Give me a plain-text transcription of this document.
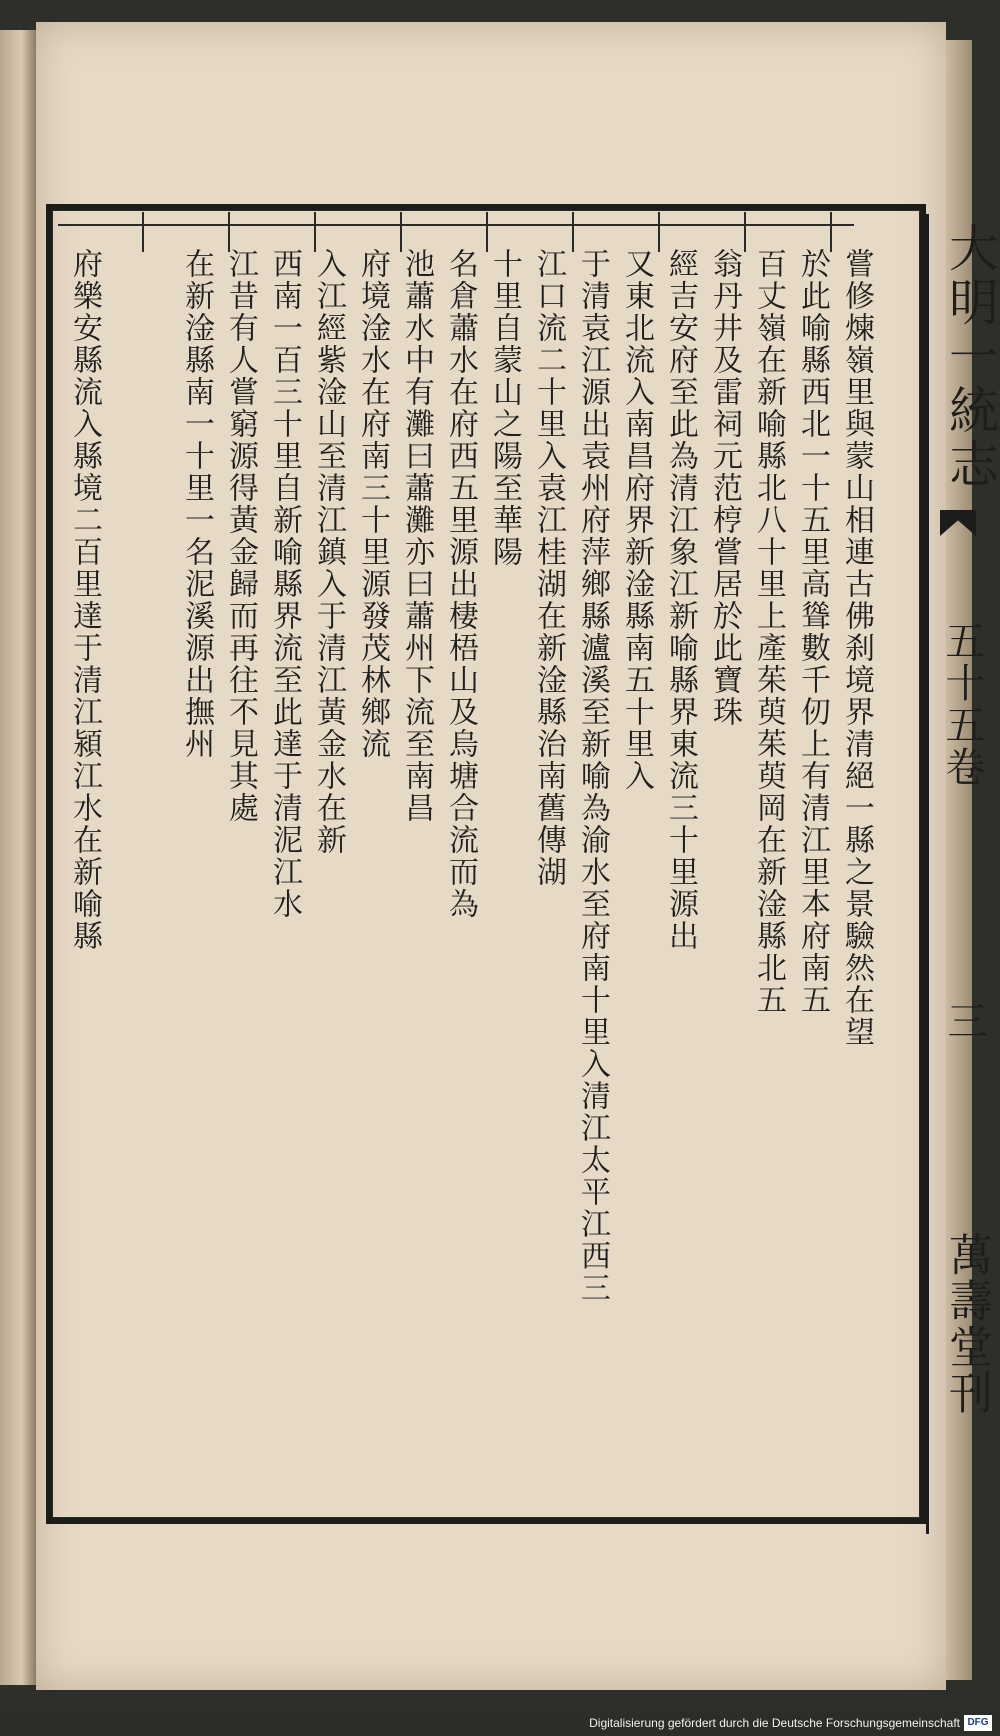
嘗修煉嶺里與蒙山相連古佛刹境界清絕一縣之景驗然在望
於此喻縣西北一十五里高聳數千仞上有清江里本府南五
百丈嶺在新喻縣北八十里上產茱萸茱萸岡在新淦縣北五
翁丹井及雷祠元范梈嘗居於此寶珠
經吉安府至此為清江象江新喻縣界東流三十里源出
又東北流入南昌府界新淦縣南五十里入
于清袁江源出袁州府萍鄉縣瀘溪至新喻為渝水至府南十里入清江太平江西三
江口流二十里入袁江桂湖在新淦縣治南舊傳湖
十里自蒙山之陽至華陽
名倉蕭水在府西五里源出棲梧山及烏塘合流而為
池蕭水中有灘曰蕭灘亦曰蕭州下流至南昌
府境淦水在府南三十里源發茂林鄉流
入江經紫淦山至清江鎮入于清江黃金水在新
西南一百三十里自新喻縣界流至此達于清泥江水
江昔有人嘗窮源得黃金歸而再往不見其處
在新淦縣南一十里一名泥溪源出撫州
府樂安縣流入縣境二百里達于清江潁江水在新喻縣	大明一統志
五十五卷
三
萬壽堂刊
Digitalisierung gefördert durch die Deutsche Forschungsgemeinschaft DFG
